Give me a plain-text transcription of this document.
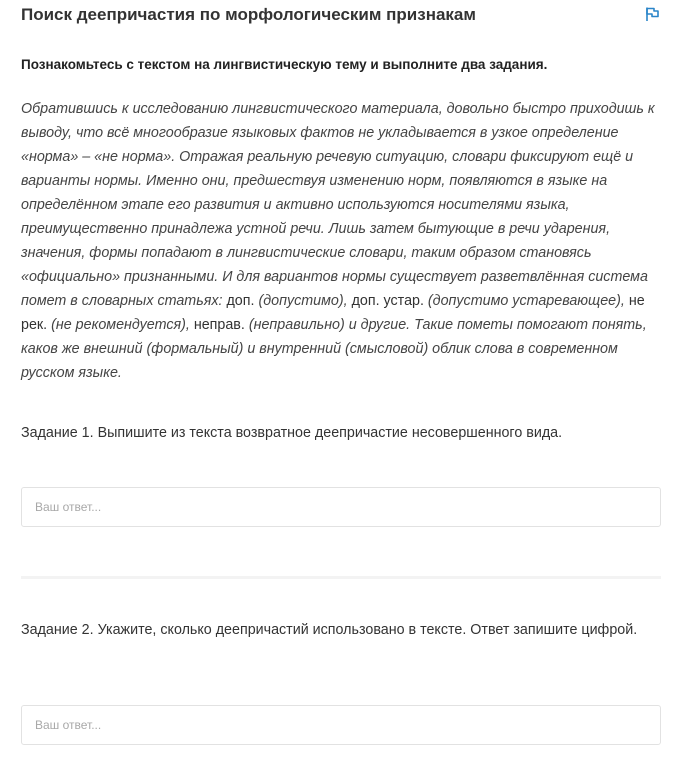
Поиск деепричастия по морфологическим признакам
Познакомьтесь с текстом на лингвистическую тему и выполните два задания.
Обратившись к исследованию лингвистического материала, довольно быстро приходишь к выводу, что всё многообразие языковых фактов не укладывается в узкое определение «норма» – «не норма». Отражая реальную речевую ситуацию, словари фиксируют ещё и варианты нормы. Именно они, предшествуя изменению норм, появляются в языке на определённом этапе его развития и активно используются носителями языка, преимущественно принадлежа устной речи. Лишь затем бытующие в речи ударения, значения, формы попадают в лингвистические словари, таким образом становясь «официально» признанными. И для вариантов нормы существует разветвлённая система помет в словарных статьях: доп. (допустимо), доп. устар. (допустимо устаревающее), не рек. (не рекомендуется), неправ. (неправильно) и другие. Такие пометы помогают понять, каков же внешний (формальный) и внутренний (смысловой) облик слова в современном русском языке.
Задание 1. Выпишите из текста возвратное деепричастие несовершенного вида.
Ваш ответ...
Задание 2. Укажите, сколько деепричастий использовано в тексте. Ответ запишите цифрой.
Ваш ответ...
